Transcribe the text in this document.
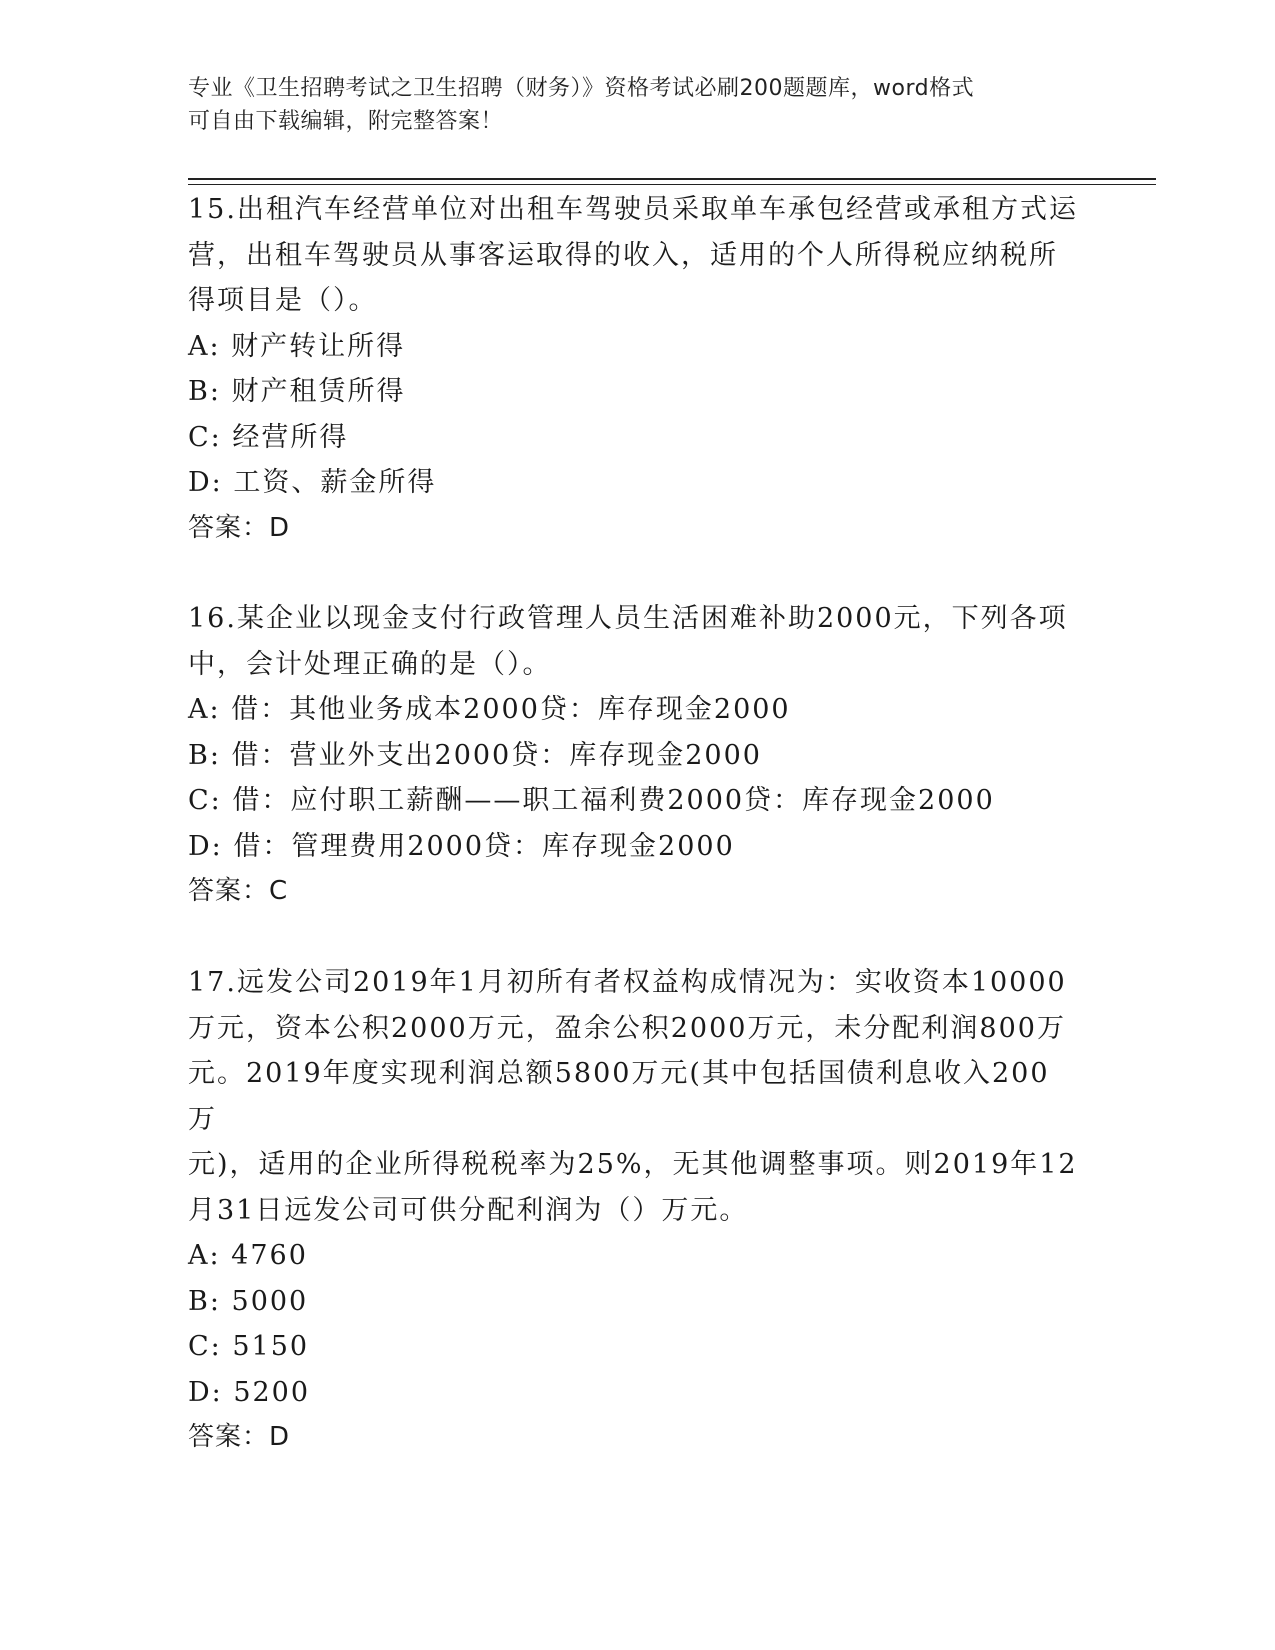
专业《卫生招聘考试之卫生招聘（财务）》资格考试必刷200题题库，word格式

可自由下载编辑，附完整答案！

15.出租汽车经营单位对出租车驾驶员采取单车承包经营或承租方式运

营，出租车驾驶员从事客运取得的收入，适用的个人所得税应纳税所

得项目是（）。

A: 财产转让所得

B: 财产租赁所得

C: 经营所得

D: 工资、薪金所得

答案：D

16.某企业以现金支付行政管理人员生活困难补助2000元，下列各项

中，会计处理正确的是（）。

A: 借：其他业务成本2000贷：库存现金2000

B: 借：营业外支出2000贷：库存现金2000

C: 借：应付职工薪酬——职工福利费2000贷：库存现金2000

D: 借：管理费用2000贷：库存现金2000

答案：C

17.远发公司2019年1月初所有者权益构成情况为：实收资本10000

万元，资本公积2000万元，盈余公积2000万元，未分配利润800万

元。2019年度实现利润总额5800万元(其中包括国债利息收入200万

元)，适用的企业所得税税率为25%，无其他调整事项。则2019年12

月31日远发公司可供分配利润为（）万元。

A: 4760

B: 5000

C: 5150

D: 5200

答案：D
